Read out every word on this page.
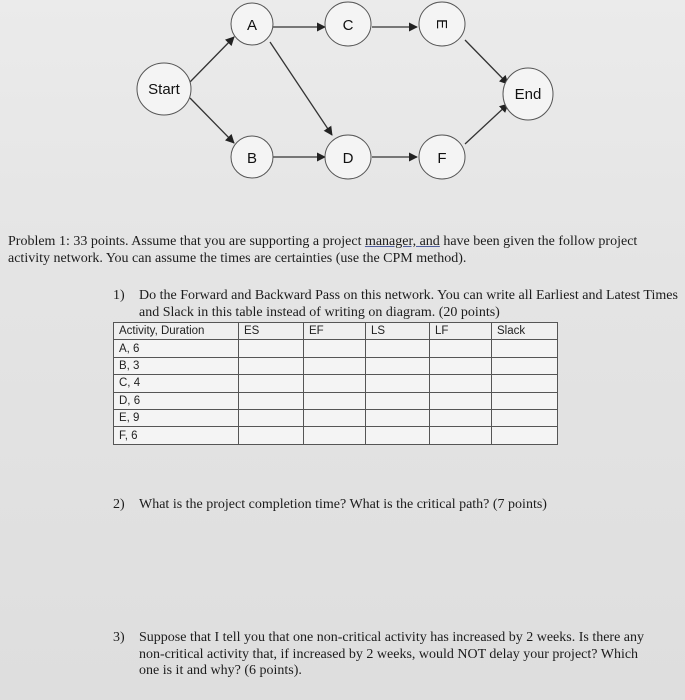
Start
A
B
C
D
E
F
End

Problem 1: 33 points. Assume that you are supporting a project manager, and have been given the follow project activity network. You can assume the times are certainties (use the CPM method).

1) Do the Forward and Backward Pass on this network. You can write all Earliest and Latest Times and Slack in this table instead of writing on diagram. (20 points)
Activity, Duration	ES	EF	LS	LF	Slack
A, 6					
B, 3					
C, 4					
D, 6					
E, 9					
F, 6					
2) What is the project completion time? What is the critical path? (7 points)
3) Suppose that I tell you that one non-critical activity has increased by 2 weeks. Is there any non-critical activity that, if increased by 2 weeks, would NOT delay your project? Which one is it and why? (6 points).
